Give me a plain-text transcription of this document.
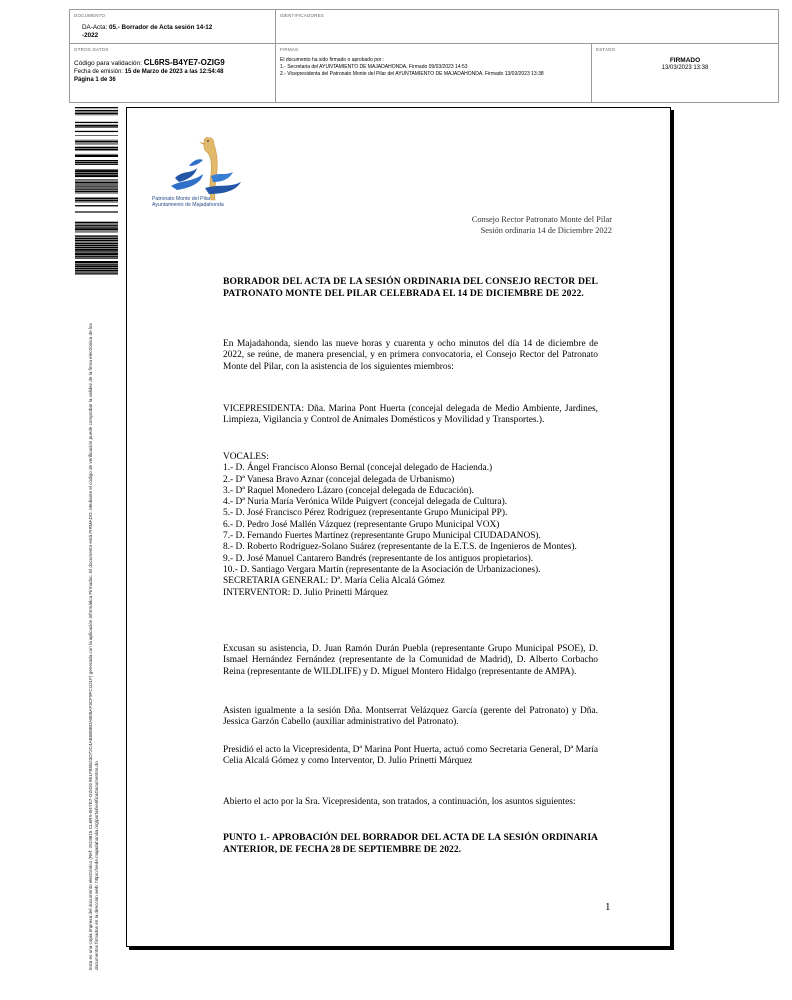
DOCUMENTO
DA-Acta: 05.- Borrador de Acta sesión 14-12
-2022
IDENTIFICADORES
OTROS DATOS
Código para validación: CL6RS-B4YE7-OZIG9
Fecha de emisión: 15 de Marzo de 2023 a las 12:54:48
Página 1 de 36
FIRMAS
El documento ha sido firmado o aprobado por :
1.- Secretaria del AYUNTAMIENTO DE MAJADAHONDA. Firmado 09/03/2023 14:53
2.- Vicepresidenta del Patronato Monte del Pilar del AYUNTAMIENTO DE MAJADAHONDA. Firmado 13/03/2023 13:38
ESTADO
FIRMADO
13/03/2023 13:38
Esta es una copia impresa del documento electrónico (Ref: 2519815 CL6RS-B4YE7-OZIG9 9E1F85B23D72C4AB5B8BDAB08AF3CF9FC1D1F) generada con la aplicación informática Firmadoc. El documento está FIRMADO. Mediante el código de verificación puede comprobar la validez de la firma electrónica de los documentos firmados en la dirección web: https://sede.majadahonda.org/portal/verificaDocumentos.do
Patronato Monte del Pilar
Ayuntamiento de Majadahonda
Consejo Rector Patronato Monte del Pilar
Sesión ordinaria 14 de Diciembre 2022
BORRADOR DEL ACTA DE LA SESIÓN ORDINARIA DEL CONSEJO RECTOR DEL PATRONATO MONTE DEL PILAR CELEBRADA EL 14 DE DICIEMBRE DE 2022.
En Majadahonda, siendo las nueve horas y cuarenta y ocho minutos del día 14 de diciembre de 2022, se reúne, de manera presencial, y en primera convocatoria, el Consejo Rector del Patronato Monte del Pilar, con la asistencia de los siguientes miembros:
VICEPRESIDENTA: Dña. Marina Pont Huerta (concejal delegada de Medio Ambiente, Jardines, Limpieza, Vigilancia y Control de Animales Domésticos y Movilidad y Transportes.).
VOCALES:
1.- D. Ángel Francisco Alonso Bernal (concejal delegado de Hacienda.)
2.- Dª Vanesa Bravo Aznar (concejal delegada de Urbanismo)
3.- Dª Raquel Monedero Lázaro (concejal delegada de Educación).
4.- Dª Nuria María Verónica Wilde Puigvert (concejal delegada de Cultura).
5.- D. José Francisco Pérez Rodríguez (representante Grupo Municipal PP).
6.- D. Pedro José Mallén Vázquez (representante Grupo Municipal VOX)
7.- D. Fernando Fuertes Martínez (representante Grupo Municipal CIUDADANOS).
8.- D. Roberto Rodríguez-Solano Suárez (representante de la E.T.S. de Ingenieros de Montes).
9.- D. José Manuel Cantarero Bandrés (representante de los antiguos propietarios).
10.- D. Santiago Vergara Martín (representante de la Asociación de Urbanizaciones).
SECRETARIA GENERAL: Dª. María Celia Alcalá Gómez
INTERVENTOR: D. Julio Prinetti Márquez
Excusan su asistencia, D. Juan Ramón Durán Puebla (representante Grupo Municipal PSOE), D. Ismael Hernández Fernández (representante de la Comunidad de Madrid), D. Alberto Corbacho Reina (representante de WILDLIFE) y D. Miguel Montero Hidalgo (representante de AMPA).
Asisten igualmente a la sesión Dña. Montserrat Velázquez García (gerente del Patronato) y Dña. Jessica Garzón Cabello (auxiliar administrativo del Patronato).
Presidió el acto la Vicepresidenta, Dª Marina Pont Huerta, actuó como Secretaria General, Dª María Celia Alcalá Gómez y como Interventor, D. Julio Prinetti Márquez
Abierto el acto por la Sra. Vicepresidenta, son tratados, a continuación, los asuntos siguientes:
PUNTO 1.- APROBACIÓN DEL BORRADOR DEL ACTA DE LA SESIÓN ORDINARIA ANTERIOR, DE FECHA 28 DE SEPTIEMBRE DE 2022.
1
